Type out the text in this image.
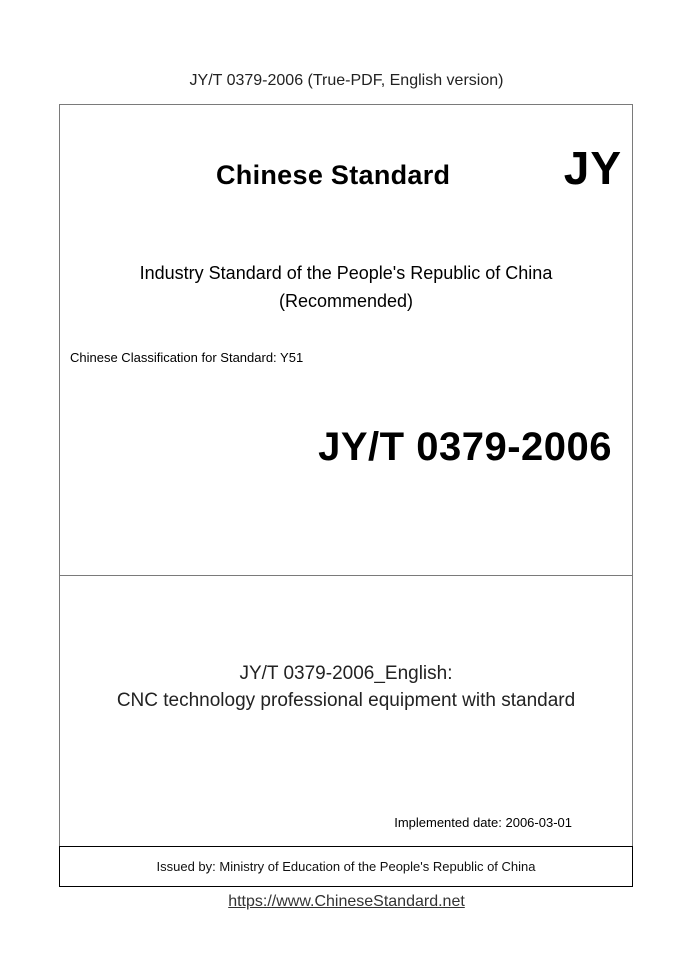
JY/T 0379-2006 (True-PDF, English version)
Chinese Standard JY
Industry Standard of the People's Republic of China
(Recommended)
Chinese Classification for Standard: Y51
JY/T 0379-2006
JY/T 0379-2006_English:
CNC technology professional equipment with standard
Implemented date: 2006-03-01
Issued by: Ministry of Education of the People's Republic of China
https://www.ChineseStandard.net
